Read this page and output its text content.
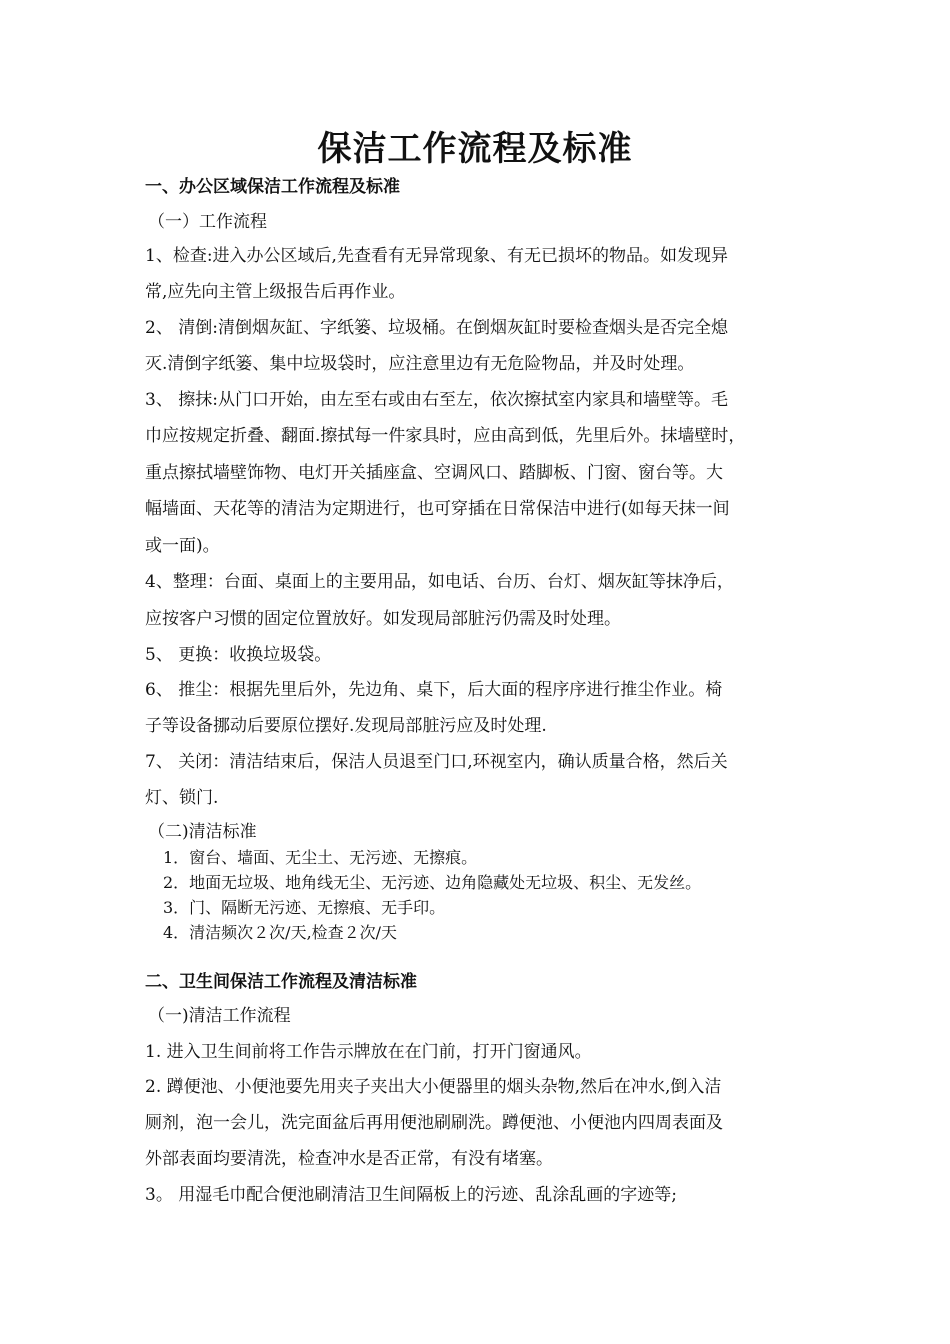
保洁工作流程及标准
一、办公区域保洁工作流程及标准
（一）工作流程
1、检查:进入办公区域后,先查看有无异常现象、有无已损坏的物品。如发现异
常,应先向主管上级报告后再作业。
2、 清倒:清倒烟灰缸、字纸篓、垃圾桶。在倒烟灰缸时要检查烟头是否完全熄
灭.清倒字纸篓、集中垃圾袋时，应注意里边有无危险物品，并及时处理。
3、 擦抹:从门口开始，由左至右或由右至左，依次擦拭室内家具和墙壁等。毛
巾应按规定折叠、翻面.擦拭每一件家具时，应由高到低，先里后外。抹墙壁时，
重点擦拭墙壁饰物、电灯开关插座盒、空调风口、踏脚板、门窗、窗台等。大
幅墙面、天花等的清洁为定期进行，也可穿插在日常保洁中进行(如每天抹一间
或一面)。
4、整理：台面、桌面上的主要用品，如电话、台历、台灯、烟灰缸等抹净后，
应按客户习惯的固定位置放好。如发现局部脏污仍需及时处理。
5、 更换：收换垃圾袋。
6、 推尘：根据先里后外，先边角、桌下，后大面的程序序进行推尘作业。椅
子等设备挪动后要原位摆好.发现局部脏污应及时处理.
7、 关闭：清洁结束后，保洁人员退至门口,环视室内，确认质量合格，然后关
灯、锁门.
（二)清洁标准
1．窗台、墙面、无尘土、无污迹、无擦痕。
2．地面无垃圾、地角线无尘、无污迹、边角隐藏处无垃圾、积尘、无发丝。
3．门、隔断无污迹、无擦痕、无手印。
4．清洁频次２次/天,检查２次/天
二、卫生间保洁工作流程及清洁标准
（一)清洁工作流程
1. 进入卫生间前将工作告示牌放在在门前，打开门窗通风。
2. 蹲便池、小便池要先用夹子夹出大小便器里的烟头杂物,然后在冲水,倒入洁
厕剂，泡一会儿，洗完面盆后再用便池刷刷洗。蹲便池、小便池内四周表面及
外部表面均要清洗，检查冲水是否正常，有没有堵塞。
3。 用湿毛巾配合便池刷清洁卫生间隔板上的污迹、乱涂乱画的字迹等;
